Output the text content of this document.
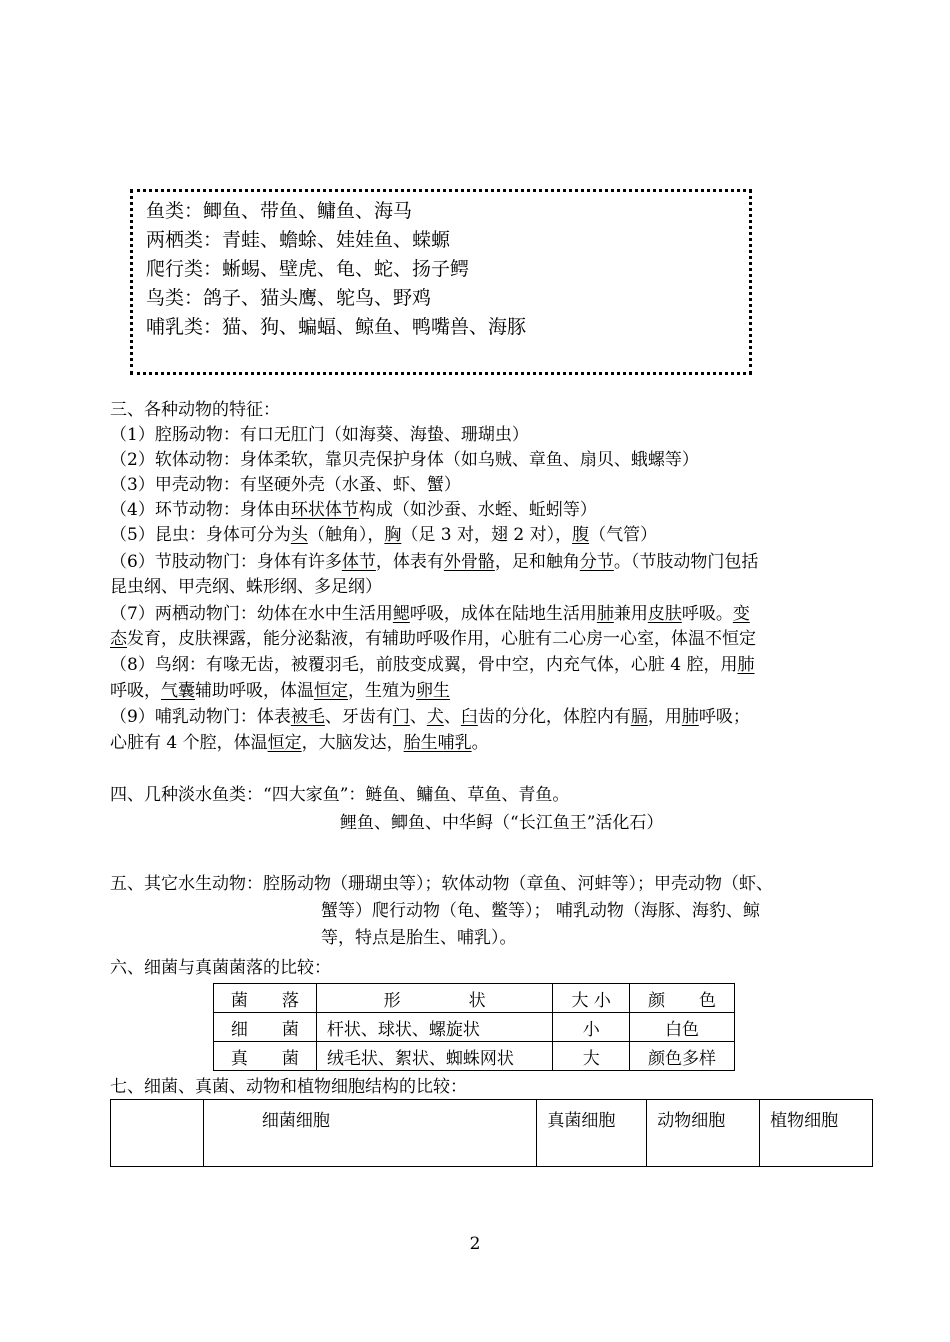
鱼类：鲫鱼、带鱼、鳙鱼、海马
两栖类：青蛙、蟾蜍、娃娃鱼、蝾螈
爬行类：蜥蜴、壁虎、龟、蛇、扬子鳄
鸟类：鸽子、猫头鹰、鸵鸟、野鸡
哺乳类：猫、狗、蝙蝠、鲸鱼、鸭嘴兽、海豚
三、各种动物的特征：
（1）腔肠动物：有口无肛门（如海葵、海蛰、珊瑚虫）
（2）软体动物：身体柔软，靠贝壳保护身体（如乌贼、章鱼、扇贝、蛾螺等）
（3）甲壳动物：有坚硬外壳（水蚤、虾、蟹）
（4）环节动物：身体由环状体节构成（如沙蚕、水蛭、蚯蚓等）
（5）昆虫：身体可分为头（触角），胸（足 3 对，翅 2 对），腹（气管）
（6）节肢动物门：身体有许多体节，体表有外骨骼，足和触角分节。（节肢动物门包括
昆虫纲、甲壳纲、蛛形纲、多足纲）
（7）两栖动物门：幼体在水中生活用鳃呼吸，成体在陆地生活用肺兼用皮肤呼吸。变
态发育，皮肤裸露，能分泌黏液，有辅助呼吸作用，心脏有二心房一心室，体温不恒定
（8）鸟纲：有喙无齿，被覆羽毛，前肢变成翼，骨中空，内充气体，心脏 4 腔，用肺
呼吸，气囊辅助呼吸，体温恒定，生殖为卵生
（9）哺乳动物门：体表被毛、牙齿有门、犬、臼齿的分化，体腔内有膈，用肺呼吸；
心脏有 4 个腔，体温恒定，大脑发达，胎生哺乳。
四、几种淡水鱼类：“四大家鱼”：鲢鱼、鳙鱼、草鱼、青鱼。
鲤鱼、鲫鱼、中华鲟（“长江鱼王”活化石）
五、其它水生动物：腔肠动物（珊瑚虫等）；软体动物（章鱼、河蚌等）；甲壳动物（虾、
蟹等）爬行动物（龟、鳖等）； 哺乳动物（海豚、海豹、鲸
等，特点是胎生、哺乳）。
六、细菌与真菌菌落的比较：
菌　　落	形　　　　状	大 小	颜　　色
细　　菌	杆状、球状、螺旋状	小	白色
真　　菌	绒毛状、絮状、蜘蛛网状	大	颜色多样
七、细菌、真菌、动物和植物细胞结构的比较：
	细菌细胞	真菌细胞	动物细胞	植物细胞
2
